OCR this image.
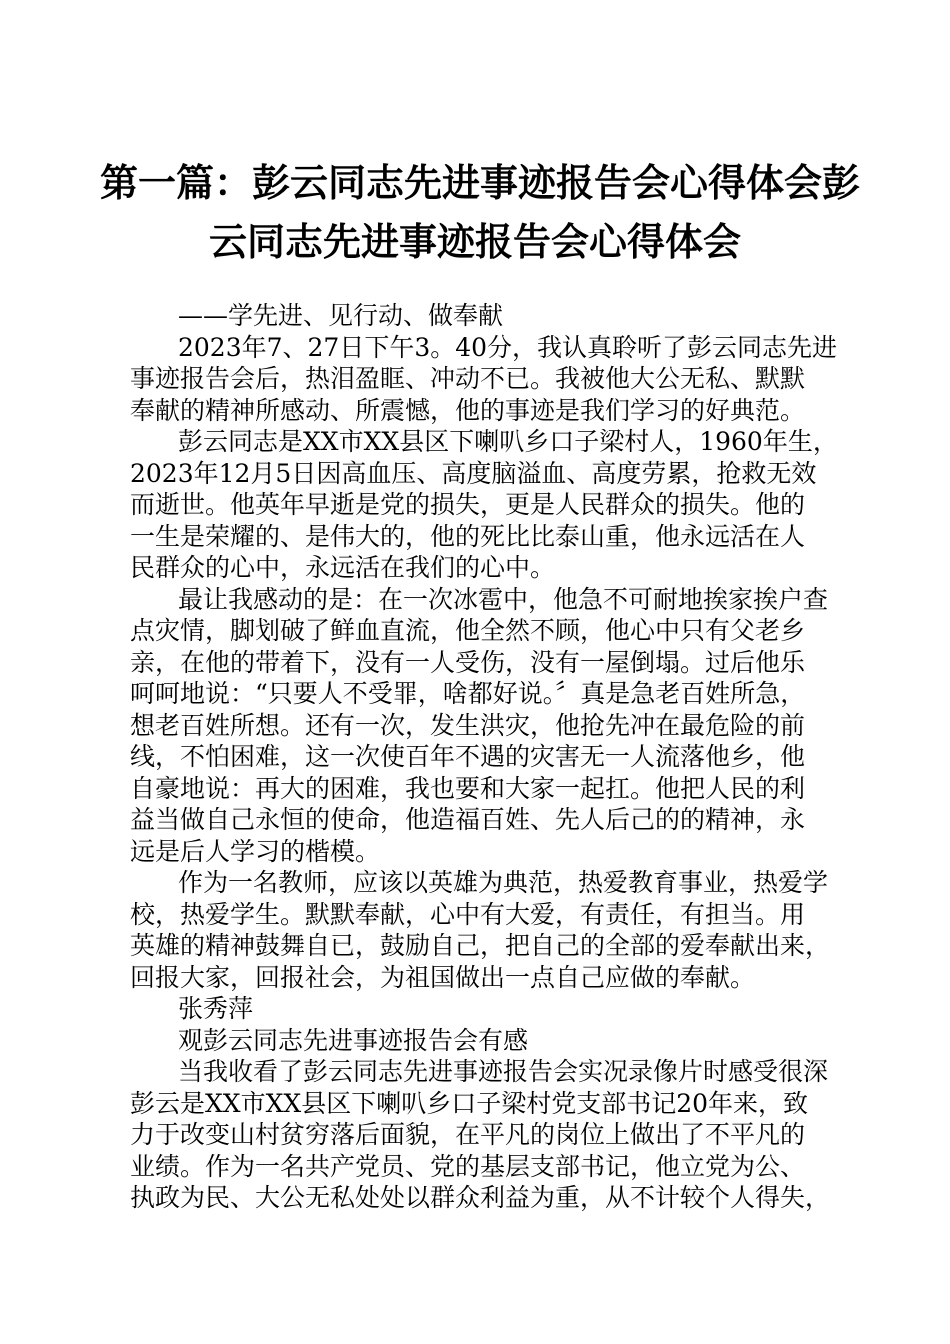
第一篇：彭云同志先进事迹报告会心得体会彭
云同志先进事迹报告会心得体会
——学先进、见行动、做奉献
2023年7、27日下午3。40分，我认真聆听了彭云同志先进
事迹报告会后，热泪盈眶、冲动不已。我被他大公无私、默默
奉献的精神所感动、所震憾，他的事迹是我们学习的好典范。
彭云同志是XX市XX县区下喇叭乡口子梁村人，1960年生，
2023年12月5日因高血压、高度脑溢血、高度劳累，抢救无效
而逝世。他英年早逝是党的损失，更是人民群众的损失。他的
一生是荣耀的、是伟大的，他的死比比泰山重，他永远活在人
民群众的心中，永远活在我们的心中。
最让我感动的是：在一次冰雹中，他急不可耐地挨家挨户查
点灾情，脚划破了鲜血直流，他全然不顾，他心中只有父老乡
亲，在他的带着下，没有一人受伤，没有一屋倒塌。过后他乐
呵呵地说：“只要人不受罪，啥都好说。〞真是急老百姓所急，
想老百姓所想。还有一次，发生洪灾，他抢先冲在最危险的前
线，不怕困难，这一次使百年不遇的灾害无一人流落他乡，他
自豪地说：再大的困难，我也要和大家一起扛。他把人民的利
益当做自己永恒的使命，他造福百姓、先人后己的的精神，永
远是后人学习的楷模。
作为一名教师，应该以英雄为典范，热爱教育事业，热爱学
校，热爱学生。默默奉献，心中有大爱，有责任，有担当。用
英雄的精神鼓舞自已，鼓励自己，把自己的全部的爱奉献出来，
回报大家，回报社会，为祖国做出一点自己应做的奉献。
张秀萍
观彭云同志先进事迹报告会有感
当我收看了彭云同志先进事迹报告会实况录像片时感受很深
彭云是XX市XX县区下喇叭乡口子梁村党支部书记20年来，致
力于改变山村贫穷落后面貌，在平凡的岗位上做出了不平凡的
业绩。作为一名共产党员、党的基层支部书记，他立党为公、
执政为民、大公无私处处以群众利益为重，从不计较个人得失，
